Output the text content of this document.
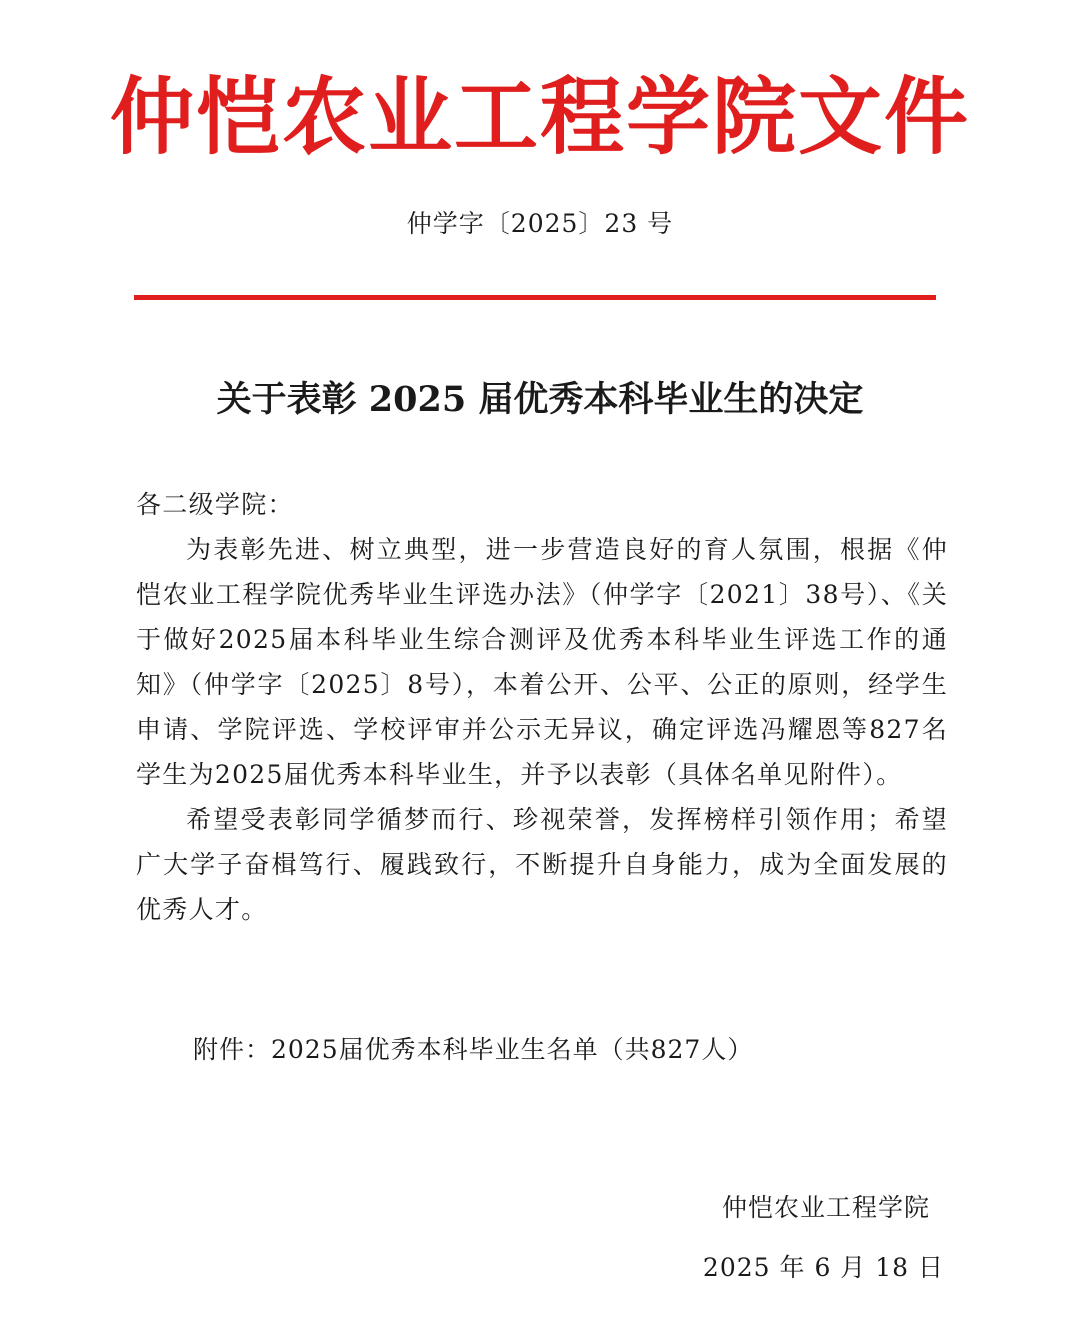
仲恺农业工程学院文件
仲学字〔2025〕23 号
关于表彰 2025 届优秀本科毕业生的决定

各二级学院：

为表彰先进、树立典型，进一步营造良好的育人氛围，根据《仲恺农业工程学院优秀毕业生评选办法》（仲学字〔2021〕38号）、《关于做好2025届本科毕业生综合测评及优秀本科毕业生评选工作的通知》（仲学字〔2025〕8号），本着公开、公平、公正的原则，经学生申请、学院评选、学校评审并公示无异议，确定评选冯耀恩等827名学生为2025届优秀本科毕业生，并予以表彰（具体名单见附件）。

希望受表彰同学循梦而行、珍视荣誉，发挥榜样引领作用；希望广大学子奋楫笃行、履践致行，不断提升自身能力，成为全面发展的优秀人才。

附件：2025届优秀本科毕业生名单（共827人）
仲恺农业工程学院
2025 年 6 月 18 日
